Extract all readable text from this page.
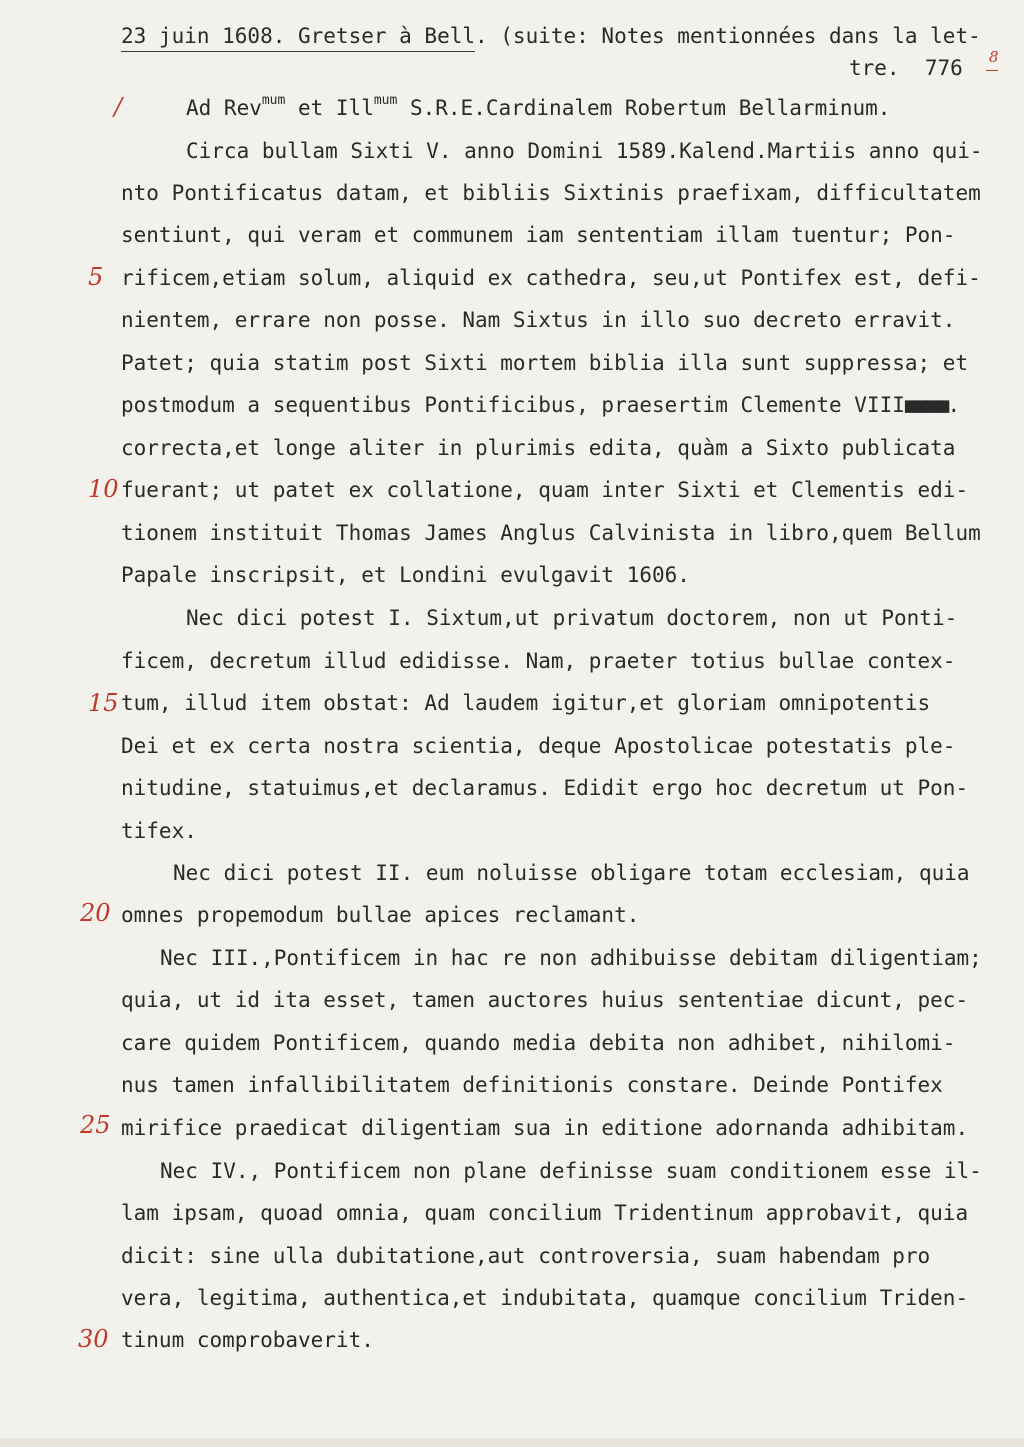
23 juin 1608. Gretser à Bell. (suite: Notes mentionnées dans la let-

tre.  776

8
/
5
10
15
20
25
30

Ad Rev$^{mum}$ et Ill$^{mum}$ S.R.E.Cardinalem Robertum Bellarminum.

Circa bullam Sixti V. anno Domini 1589.Kalend.Martiis anno qui-
nto Pontificatus datam, et bibliis Sixtinis praefixam, difficultatem
sentiunt, qui veram et communem iam sententiam illam tuentur; Pon-
rificem,etiam solum, aliquid ex cathedra, seu,ut Pontifex est, defi-
nientem, errare non posse. Nam Sixtus in illo suo decreto erravit.
Patet; quia statim post Sixti mortem biblia illa sunt suppressa; et

postmodum a sequentibus Pontificibus, praesertim Clemente VIII■■■■.

correcta,et longe aliter in plurimis edita, quàm a Sixto publicata
fuerant; ut patet ex collatione, quam inter Sixti et Clementis edi-
tionem instituit Thomas James Anglus Calvinista in libro,quem Bellum
Papale inscripsit, et Londini evulgavit 1606.
Nec dici potest I. Sixtum,ut privatum doctorem, non ut Ponti-
ficem, decretum illud edidisse. Nam, praeter totius bullae contex-
tum, illud item obstat: Ad laudem igitur,et gloriam omnipotentis
Dei et ex certa nostra scientia, deque Apostolicae potestatis ple-
nitudine, statuimus,et declaramus. Edidit ergo hoc decretum ut Pon-
tifex.
Nec dici potest II. eum noluisse obligare totam ecclesiam, quia
omnes propemodum bullae apices reclamant.
Nec III.,Pontificem in hac re non adhibuisse debitam diligentiam;
quia, ut id ita esset, tamen auctores huius sententiae dicunt, pec-
care quidem Pontificem, quando media debita non adhibet, nihilomi-
nus tamen infallibilitatem definitionis constare. Deinde Pontifex
mirifice praedicat diligentiam sua in editione adornanda adhibitam.
Nec IV., Pontificem non plane definisse suam conditionem esse il-
lam ipsam, quoad omnia, quam concilium Tridentinum approbavit, quia
dicit: sine ulla dubitatione,aut controversia, suam habendam pro
vera, legitima, authentica,et indubitata, quamque concilium Triden-
tinum comprobaverit.
